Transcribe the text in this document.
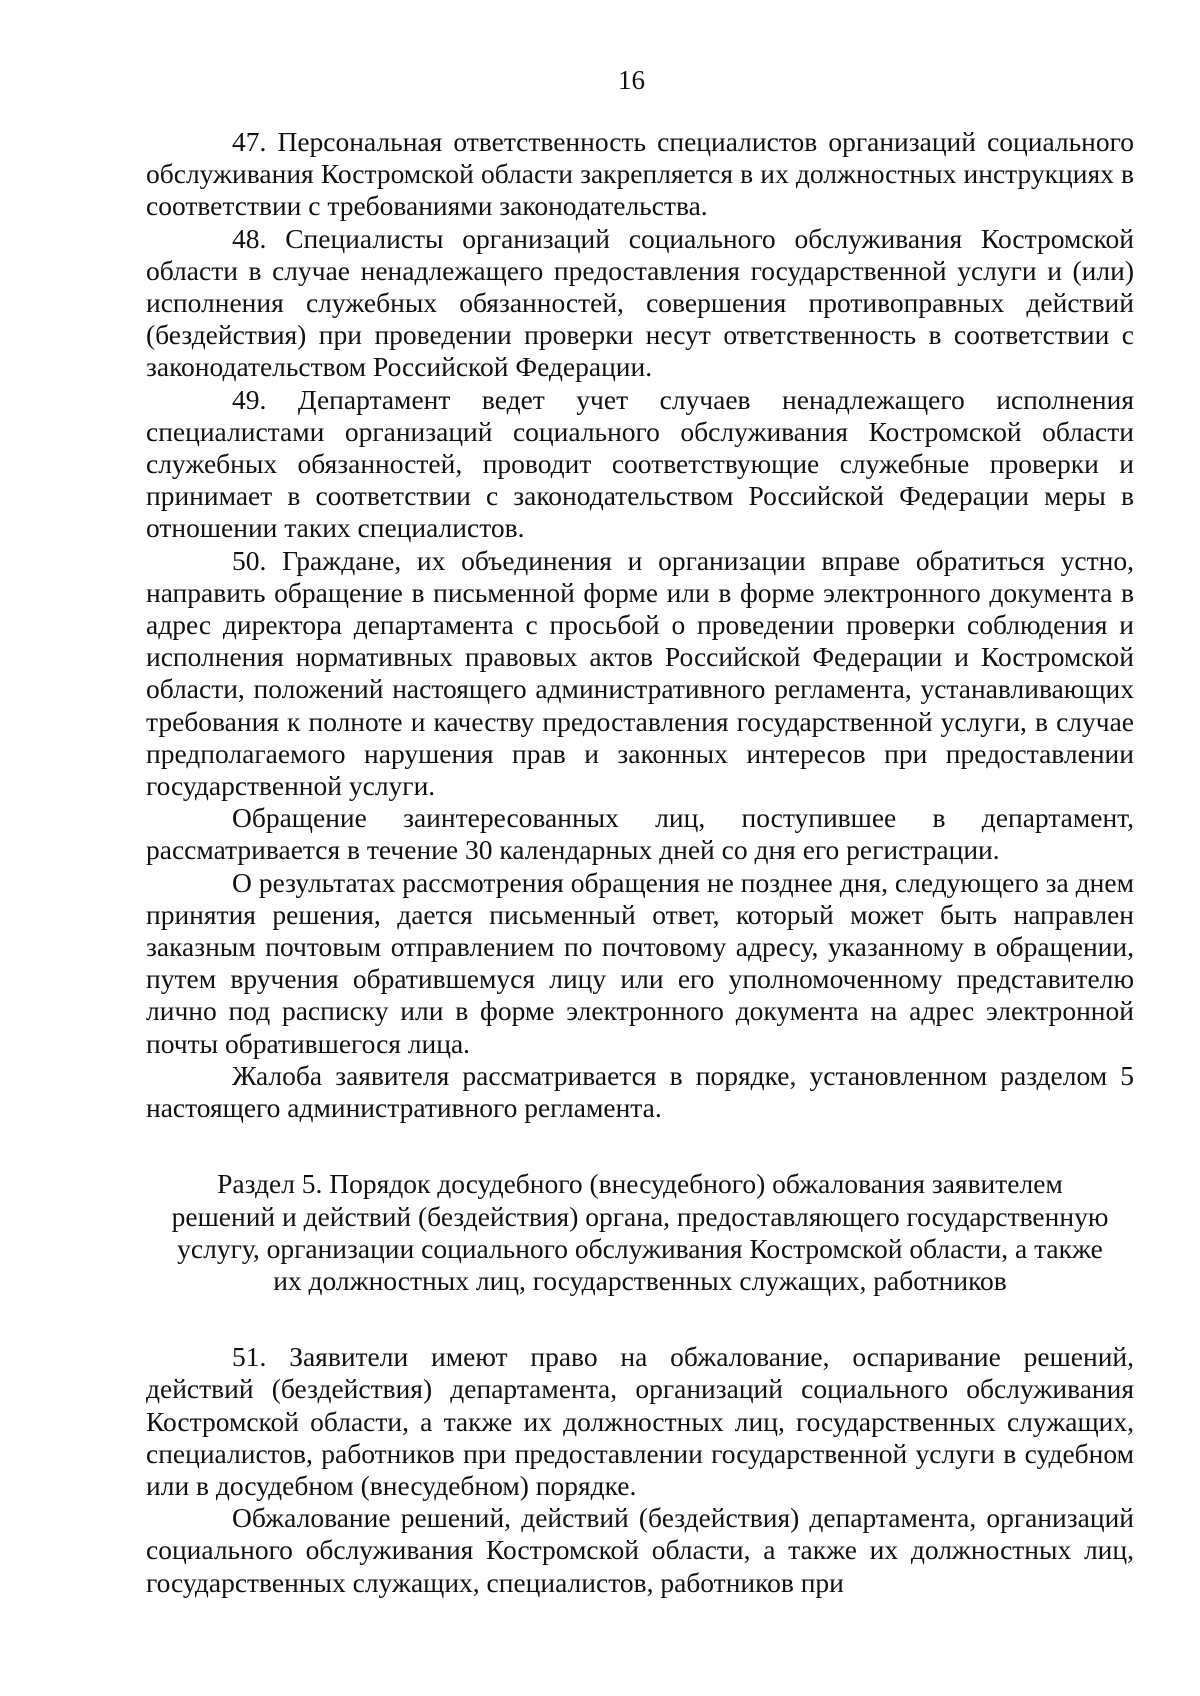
16

47. Персональная ответственность специалистов организаций социального обслуживания Костромской области закрепляется в их должностных инструкциях в соответствии с требованиями законодательства.

48. Специалисты организаций социального обслуживания Костромской области в случае ненадлежащего предоставления государственной услуги и (или) исполнения служебных обязанностей, совершения противоправных действий (бездействия) при проведении проверки несут ответственность в соответствии с законодательством Российской Федерации.

49. Департамент ведет учет случаев ненадлежащего исполнения специалистами организаций социального обслуживания Костромской области служебных обязанностей, проводит соответствующие служебные проверки и принимает в соответствии с законодательством Российской Федерации меры в отношении таких специалистов.

50. Граждане, их объединения и организации вправе обратиться устно, направить обращение в письменной форме или в форме электронного документа в адрес директора департамента с просьбой о проведении проверки соблюдения и исполнения нормативных правовых актов Российской Федерации и Костромской области, положений настоящего административного регламента, устанавливающих требования к полноте и качеству предоставления государственной услуги, в случае предполагаемого нарушения прав и законных интересов при предоставлении государственной услуги.

Обращение заинтересованных лиц, поступившее в департамент, рассматривается в течение 30 календарных дней со дня его регистрации.

О результатах рассмотрения обращения не позднее дня, следующего за днем принятия решения, дается письменный ответ, который может быть направлен заказным почтовым отправлением по почтовому адресу, указанному в обращении, путем вручения обратившемуся лицу или его уполномоченному представителю лично под расписку или в форме электронного документа на адрес электронной почты обратившегося лица.

Жалоба заявителя рассматривается в порядке, установленном разделом 5 настоящего административного регламента.

Раздел 5. Порядок досудебного (внесудебного) обжалования заявителем
решений и действий (бездействия) органа, предоставляющего государственную
услугу, организации социального обслуживания Костромской области, а также
их должностных лиц, государственных служащих, работников

51. Заявители имеют право на обжалование, оспаривание решений, действий (бездействия) департамента, организаций социального обслуживания Костромской области, а также их должностных лиц, государственных служащих, специалистов, работников при предоставлении государственной услуги в судебном или в досудебном (внесудебном) порядке.

Обжалование решений, действий (бездействия) департамента, организаций социального обслуживания Костромской области, а также их должностных лиц, государственных служащих, специалистов, работников при
